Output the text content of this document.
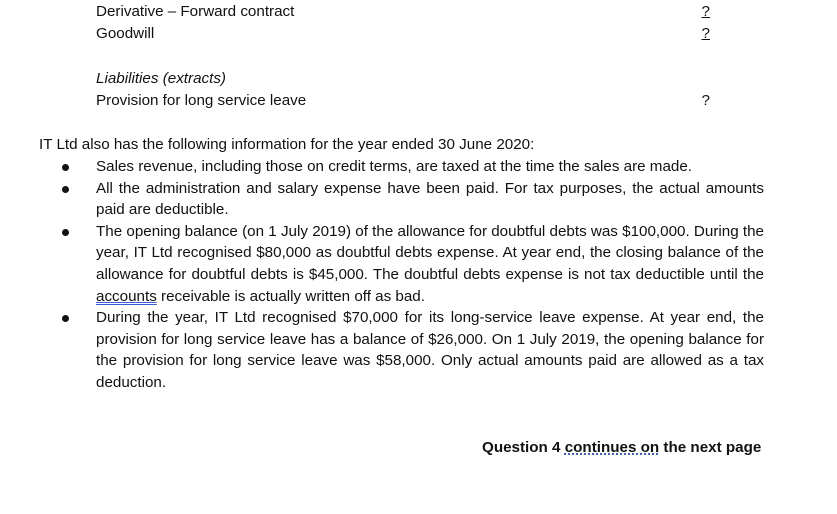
Derivative – Forward contract	?
Goodwill	?
Liabilities (extracts)
Provision for long service leave	?
IT Ltd also has the following information for the year ended 30 June 2020:
Sales revenue, including those on credit terms, are taxed at the time the sales are made.
All the administration and salary expense have been paid. For tax purposes, the actual amounts paid are deductible.
The opening balance (on 1 July 2019) of the allowance for doubtful debts was $100,000. During the year, IT Ltd recognised $80,000 as doubtful debts expense. At year end, the closing balance of the allowance for doubtful debts is $45,000. The doubtful debts expense is not tax deductible until the accounts receivable is actually written off as bad.
During the year, IT Ltd recognised $70,000 for its long-service leave expense. At year end, the provision for long service leave has a balance of $26,000. On 1 July 2019, the opening balance for the provision for long service leave was $58,000. Only actual amounts paid are allowed as a tax deduction.
Question 4 continues on the next page
